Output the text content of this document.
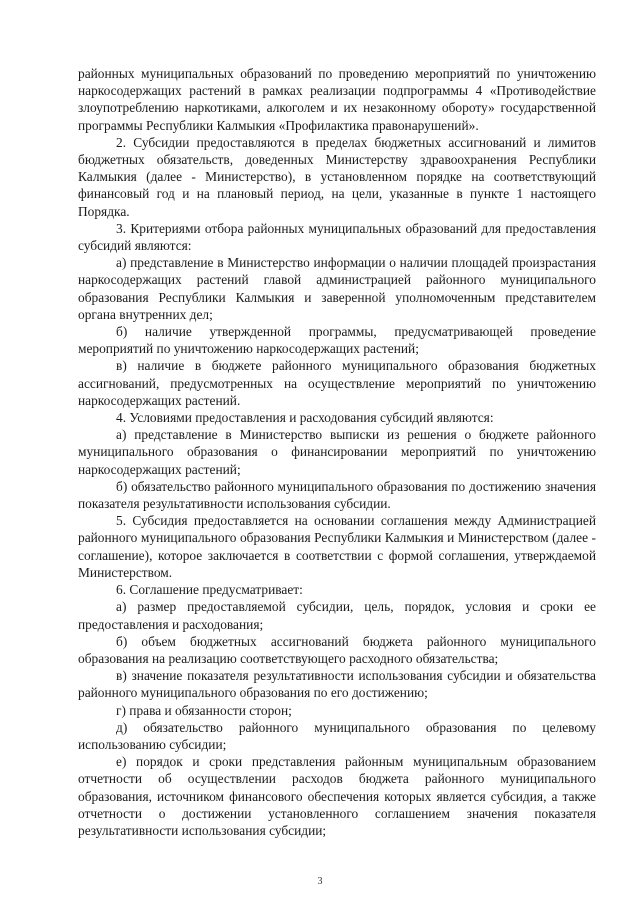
районных муниципальных образований по проведению мероприятий по уничтожению наркосодержащих растений в рамках реализации подпрограммы 4 «Противодействие злоупотреблению наркотиками, алкоголем и их незаконному обороту» государственной программы Республики Калмыкия «Профилактика правонарушений».

2. Субсидии предоставляются в пределах бюджетных ассигнований и лимитов бюджетных обязательств, доведенных Министерству здравоохранения Республики Калмыкия (далее - Министерство), в установленном порядке на соответствующий финансовый год и на плановый период, на цели, указанные в пункте 1 настоящего Порядка.

3. Критериями отбора районных муниципальных образований для предоставления субсидий являются:

а) представление в Министерство информации о наличии площадей произрастания наркосодержащих растений главой администрацией районного муниципального образования Республики Калмыкия и заверенной уполномоченным представителем органа внутренних дел;

б) наличие утвержденной программы, предусматривающей проведение мероприятий по уничтожению наркосодержащих растений;

в) наличие в бюджете районного муниципального образования бюджетных ассигнований, предусмотренных на осуществление мероприятий по уничтожению наркосодержащих растений.

4. Условиями предоставления и расходования субсидий являются:

а) представление в Министерство выписки из решения о бюджете районного муниципального образования о финансировании мероприятий по уничтожению наркосодержащих растений;

б) обязательство районного муниципального образования по достижению значения показателя результативности использования субсидии.

5. Субсидия предоставляется на основании соглашения между Администрацией районного муниципального образования Республики Калмыкия и Министерством (далее - соглашение), которое заключается в соответствии с формой соглашения, утверждаемой Министерством.

6. Соглашение предусматривает:

а) размер предоставляемой субсидии, цель, порядок, условия и сроки ее предоставления и расходования;

б) объем бюджетных ассигнований бюджета районного муниципального образования на реализацию соответствующего расходного обязательства;

в) значение показателя результативности использования субсидии и обязательства районного муниципального образования по его достижению;

г) права и обязанности сторон;

д) обязательство районного муниципального образования по целевому использованию субсидии;

е) порядок и сроки представления районным муниципальным образованием отчетности об осуществлении расходов бюджета районного муниципального образования, источником финансового обеспечения которых является субсидия, а также отчетности о достижении установленного соглашением значения показателя результативности использования субсидии;

3
